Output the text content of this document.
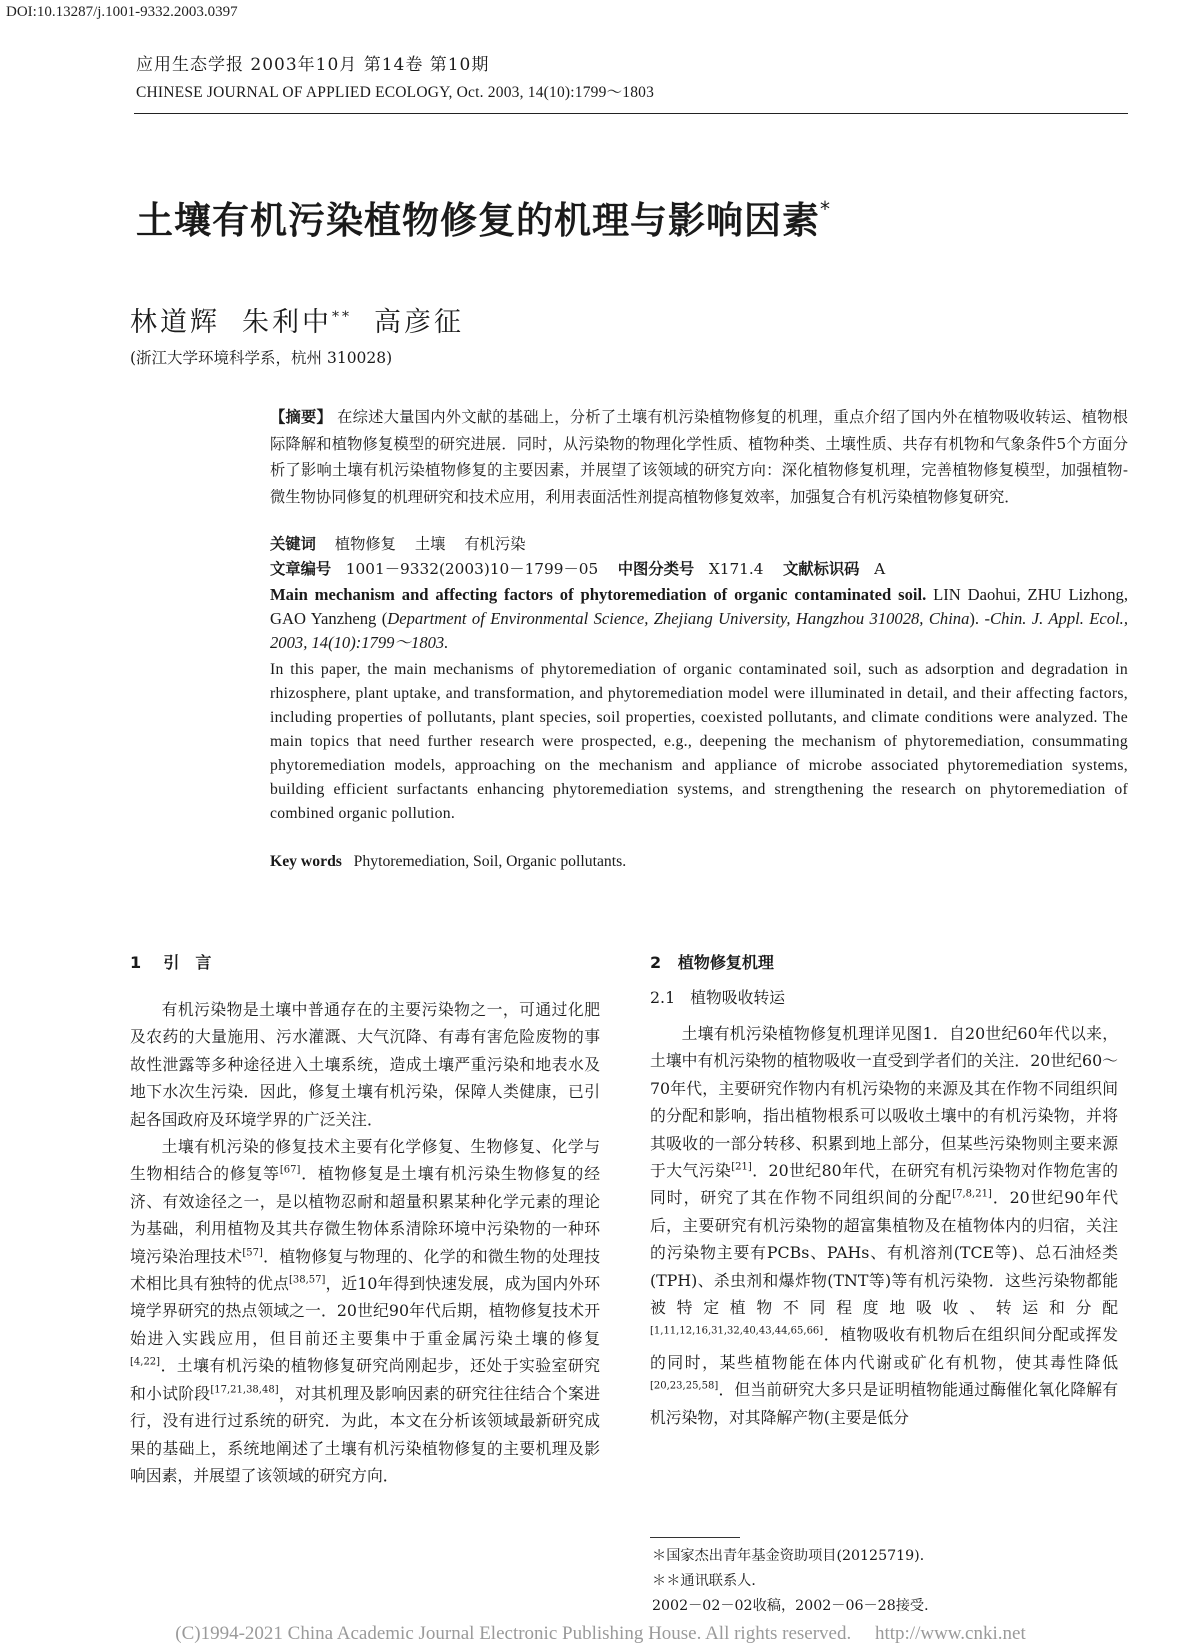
DOI:10.13287/j.1001-9332.2003.0397
应用生态学报 2003年10月 第14卷 第10期
CHINESE JOURNAL OF APPLIED ECOLOGY, Oct. 2003, 14(10):1799～1803
土壤有机污染植物修复的机理与影响因素*
林道辉 朱利中** 高彦征
(浙江大学环境科学系，杭州 310028)
【摘要】 在综述大量国内外文献的基础上，分析了土壤有机污染植物修复的机理，重点介绍了国内外在植物吸收转运、植物根际降解和植物修复模型的研究进展．同时，从污染物的物理化学性质、植物种类、土壤性质、共存有机物和气象条件5个方面分析了影响土壤有机污染植物修复的主要因素，并展望了该领域的研究方向：深化植物修复机理，完善植物修复模型，加强植物-微生物协同修复的机理研究和技术应用，利用表面活性剂提高植物修复效率，加强复合有机污染植物修复研究．
关键词 植物修复 土壤 有机污染
文章编号 1001－9332(2003)10－1799－05 中图分类号 X171.4 文献标识码 A
Main mechanism and affecting factors of phytoremediation of organic contaminated soil. LIN Daohui, ZHU Lizhong, GAO Yanzheng (Department of Environmental Science, Zhejiang University, Hangzhou 310028, China). -Chin. J. Appl. Ecol., 2003, 14(10):1799～1803.
In this paper, the main mechanisms of phytoremediation of organic contaminated soil, such as adsorption and degradation in rhizosphere, plant uptake, and transformation, and phytoremediation model were illuminated in detail, and their affecting factors, including properties of pollutants, plant species, soil properties, coexisted pollutants, and climate conditions were analyzed. The main topics that need further research were prospected, e.g., deepening the mechanism of phytoremediation, consummating phytoremediation models, approaching on the mechanism and appliance of microbe associated phytoremediation systems, building efficient surfactants enhancing phytoremediation systems, and strengthening the research on phytoremediation of combined organic pollution.
Key words Phytoremediation, Soil, Organic pollutants.
1 引　言

有机污染物是土壤中普通存在的主要污染物之一，可通过化肥及农药的大量施用、污水灌溉、大气沉降、有毒有害危险废物的事故性泄露等多种途径进入土壤系统，造成土壤严重污染和地表水及地下水次生污染．因此，修复土壤有机污染，保障人类健康，已引起各国政府及环境学界的广泛关注．

土壤有机污染的修复技术主要有化学修复、生物修复、化学与生物相结合的修复等[67]．植物修复是土壤有机污染生物修复的经济、有效途径之一，是以植物忍耐和超量积累某种化学元素的理论为基础，利用植物及其共存微生物体系清除环境中污染物的一种环境污染治理技术[57]．植物修复与物理的、化学的和微生物的处理技术相比具有独特的优点[38,57]，近10年得到快速发展，成为国内外环境学界研究的热点领域之一．20世纪90年代后期，植物修复技术开始进入实践应用，但目前还主要集中于重金属污染土壤的修复[4,22]．土壤有机污染的植物修复研究尚刚起步，还处于实验室研究和小试阶段[17,21,38,48]，对其机理及影响因素的研究往往结合个案进行，没有进行过系统的研究．为此，本文在分析该领域最新研究成果的基础上，系统地阐述了土壤有机污染植物修复的主要机理及影响因素，并展望了该领域的研究方向．

2 植物修复机理
2.1 植物吸收转运

土壤有机污染植物修复机理详见图1．自20世纪60年代以来，土壤中有机污染物的植物吸收一直受到学者们的关注．20世纪60～70年代，主要研究作物内有机污染物的来源及其在作物不同组织间的分配和影响，指出植物根系可以吸收土壤中的有机污染物，并将其吸收的一部分转移、积累到地上部分，但某些污染物则主要来源于大气污染[21]．20世纪80年代，在研究有机污染物对作物危害的同时，研究了其在作物不同组织间的分配[7,8,21]．20世纪90年代后，主要研究有机污染物的超富集植物及在植物体内的归宿，关注的污染物主要有PCBs、PAHs、有机溶剂(TCE等)、总石油烃类(TPH)、杀虫剂和爆炸物(TNT等)等有机污染物．这些污染物都能被特定植物不同程度地吸收、转运和分配[1,11,12,16,31,32,40,43,44,65,66]．植物吸收有机物后在组织间分配或挥发的同时，某些植物能在体内代谢或矿化有机物，使其毒性降低[20,23,25,58]．但当前研究大多只是证明植物能通过酶催化氧化降解有机污染物，对其降解产物(主要是低分

＊国家杰出青年基金资助项目(20125719)．
＊＊通讯联系人．
2002－02－02收稿，2002－06－28接受．
(C)1994-2021 China Academic Journal Electronic Publishing House. All rights reserved.　 http://www.cnki.net
